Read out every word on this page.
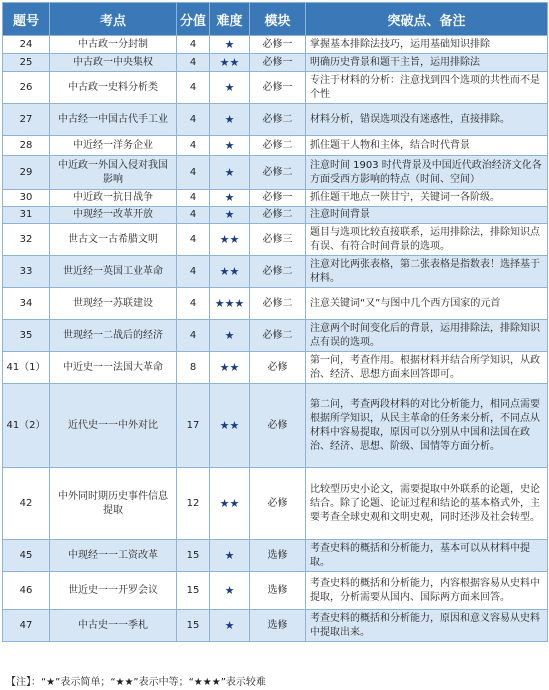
题号	考点	分值	难度	模块	突破点、备注
24	中古政一分封制	4	★	必修一	掌握基本排除法技巧，运用基础知识排除
25	中古政一中央集权	4	★★	必修一	明确历史背景和题干主旨，运用排除法
26	中古政一史料分析类	4	★	必修一	专注于材料的分析：注意找到四个选项的共性而不是个性
27	中古经一中国古代手工业	4	★	必修二	材料分析，错误选项没有迷惑性，直接排除。
28	中近经一洋务企业	4	★	必修二	抓住题干人物和主体，结合时代背景
29	中近政一外国入侵对我国影响	4	★	必修二	注意时间 1903 时代背景及中国近代政治经济文化各方面受西方影响的特点（时间、空间）
30	中近政一抗日战争	4	★	必修一	抓住题干地点一陕甘宁，关键词一各阶级。
31	中现经一改革开放	4	★	必修二	注意时间背景
32	世古文一古希腊文明	4	★★	必修三	题目与选项比较直接联系，运用排除法，排除知识点有误、有符合时间背景的选项。
33	世近经一英国工业革命	4	★★	必修二	注意对比两张表格，第二张表格是指数表！选择基于材料。
34	世现经一苏联建设	4	★★★	必修二	注意关键词“又”与图中几个西方国家的元首
35	世现经一二战后的经济	4	★	必修二	注意两个时间变化后的背景，运用排除法，排除知识点有误的选项。
41（1）	中近史一一法国大革命	8	★★	必修	第一问，考查作用。根据材料并结合所学知识，从政治、经济、思想方面来回答即可。
41（2）	近代史一一中外对比	17	★★	必修	第二问，考查两段材料的对比分析能力，相同点需要根据所学知识，从民主革命的任务来分析，不同点从材料中容易提取，原因可以分别从中国和法国在政治、经济、思想、阶级、国情等方面分析。
42	中外同时期历史事件信息提取	12	★★	必修	比较型历史小论文，需要提取中外联系的论题，史论结合。除了论题、论证过程和结论的基本格式外，主要考查全球史观和文明史观，同时还涉及社会转型。
45	中现经一一工资改革	15	★	选修	考查史料的概括和分析能力，基本可以从材料中提取。
46	世近史一一开罗会议	15	★	选修	考查史料的概括和分析能力，内容根据容易从史料中提取，分析需要从国内、国际两方面来回答。
47	中古史一一季札	15	★	选修	考查史料的概括和分析能力，原因和意义容易从史料中提取出来。
【注】：“★”表示简单；“★★”表示中等；“★★★”表示较难
